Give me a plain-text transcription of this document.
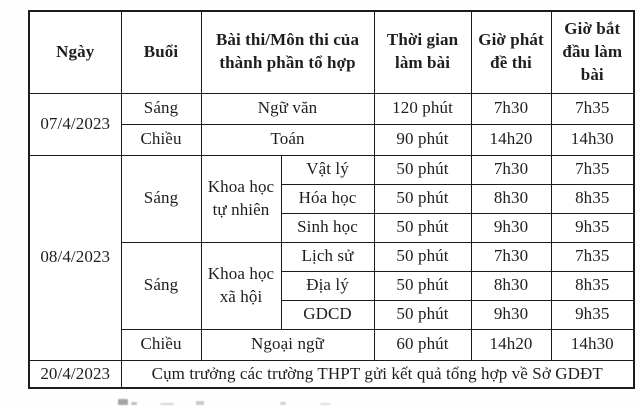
Ngày	Buổi	Bài thi/Môn thi của thành phần tổ hợp		Thời gian làm bài	Giờ phát đề thi	Giờ bắt đầu làm bài
07/4/2023	Sáng	Ngữ văn		120 phút	7h30	7h35
	Chiều	Toán		90 phút	14h20	14h30
08/4/2023	Sáng	Khoa học tự nhiên	Vật lý	50 phút	7h30	7h35
			Hóa học	50 phút	8h30	8h35
			Sinh học	50 phút	9h30	9h35
	Sáng	Khoa học xã hội	Lịch sử	50 phút	7h30	7h35
			Địa lý	50 phút	8h30	8h35
			GDCD	50 phút	9h30	9h35
	Chiều	Ngoại ngữ		60 phút	14h20	14h30
20/4/2023	Cụm trưởng các trường THPT gửi kết quả tổng hợp về Sở GDĐT					
